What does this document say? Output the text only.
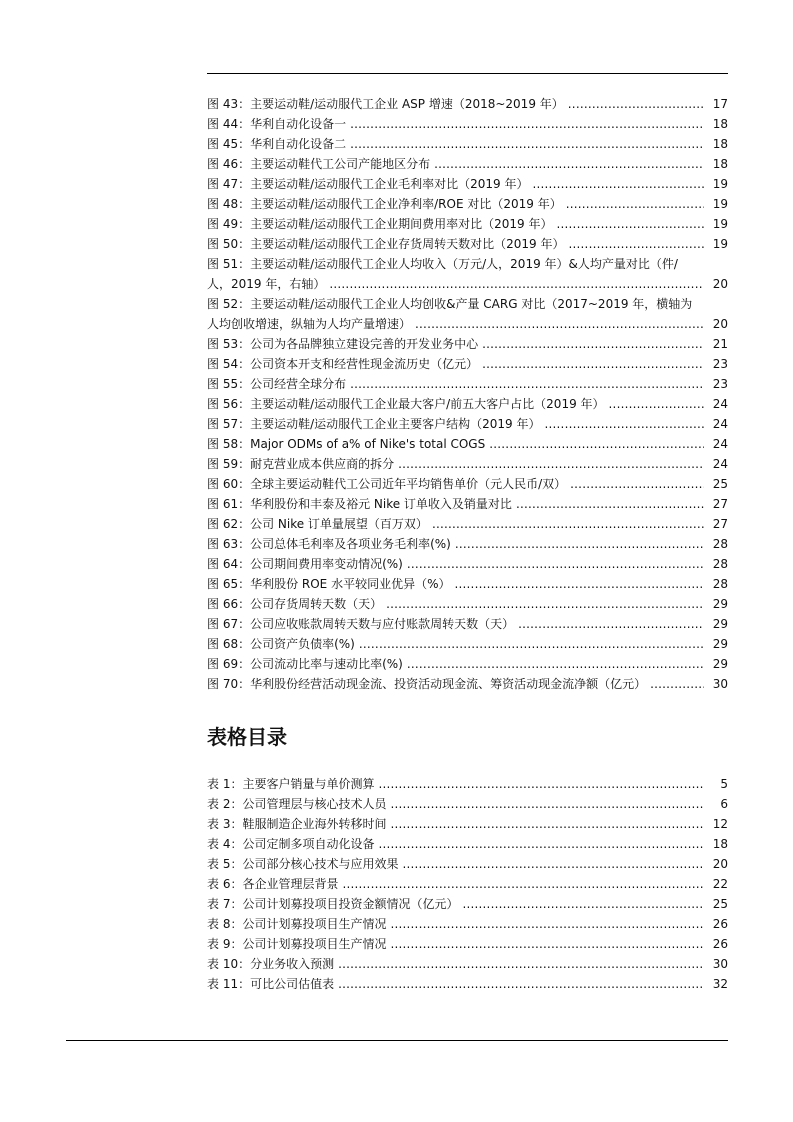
图 43：主要运动鞋/运动服代工企业 ASP 增速（2018~2019 年） .....	17
图 44：华利自动化设备一 .....	18
图 45：华利自动化设备二 .....	18
图 46：主要运动鞋代工公司产能地区分布 .....	18
图 47：主要运动鞋/运动服代工企业毛利率对比（2019 年） .....	19
图 48：主要运动鞋/运动服代工企业净利率/ROE 对比（2019 年） .....	19
图 49：主要运动鞋/运动服代工企业期间费用率对比（2019 年） .....	19
图 50：主要运动鞋/运动服代工企业存货周转天数对比（2019 年） .....	19
图 51：主要运动鞋/运动服代工企业人均收入（万元/人，2019 年）&人均产量对比（件/
人，2019 年，右轴） .....	20
图 52：主要运动鞋/运动服代工企业人均创收&产量 CARG 对比（2017~2019 年，横轴为
人均创收增速，纵轴为人均产量增速） .....	20
图 53：公司为各品牌独立建设完善的开发业务中心 .....	21
图 54：公司资本开支和经营性现金流历史（亿元） .....	23
图 55：公司经营全球分布 .....	23
图 56：主要运动鞋/运动服代工企业最大客户/前五大客户占比（2019 年） .....	24
图 57：主要运动鞋/运动服代工企业主要客户结构（2019 年） .....	24
图 58：Major ODMs of a% of Nike's total COGS .....	24
图 59：耐克营业成本供应商的拆分 .....	24
图 60：全球主要运动鞋代工公司近年平均销售单价（元人民币/双） .....	25
图 61：华利股份和丰泰及裕元 Nike 订单收入及销量对比 .....	27
图 62：公司 Nike 订单量展望（百万双） .....	27
图 63：公司总体毛利率及各项业务毛利率(%) .....	28
图 64：公司期间费用率变动情况(%) .....	28
图 65：华利股份 ROE 水平较同业优异（%） .....	28
图 66：公司存货周转天数（天） .....	29
图 67：公司应收账款周转天数与应付账款周转天数（天） .....	29
图 68：公司资产负债率(%) .....	29
图 69：公司流动比率与速动比率(%) .....	29
图 70：华利股份经营活动现金流、投资活动现金流、筹资活动现金流净额（亿元） .....	30
表格目录
表 1：主要客户销量与单价测算 .....	5
表 2：公司管理层与核心技术人员 .....	6
表 3：鞋服制造企业海外转移时间 .....	12
表 4：公司定制多项自动化设备 .....	18
表 5：公司部分核心技术与应用效果 .....	20
表 6：各企业管理层背景 .....	22
表 7：公司计划募投项目投资金额情况（亿元） .....	25
表 8：公司计划募投项目生产情况 .....	26
表 9：公司计划募投项目生产情况 .....	26
表 10：分业务收入预测 .....	30
表 11：可比公司估值表 .....	32
